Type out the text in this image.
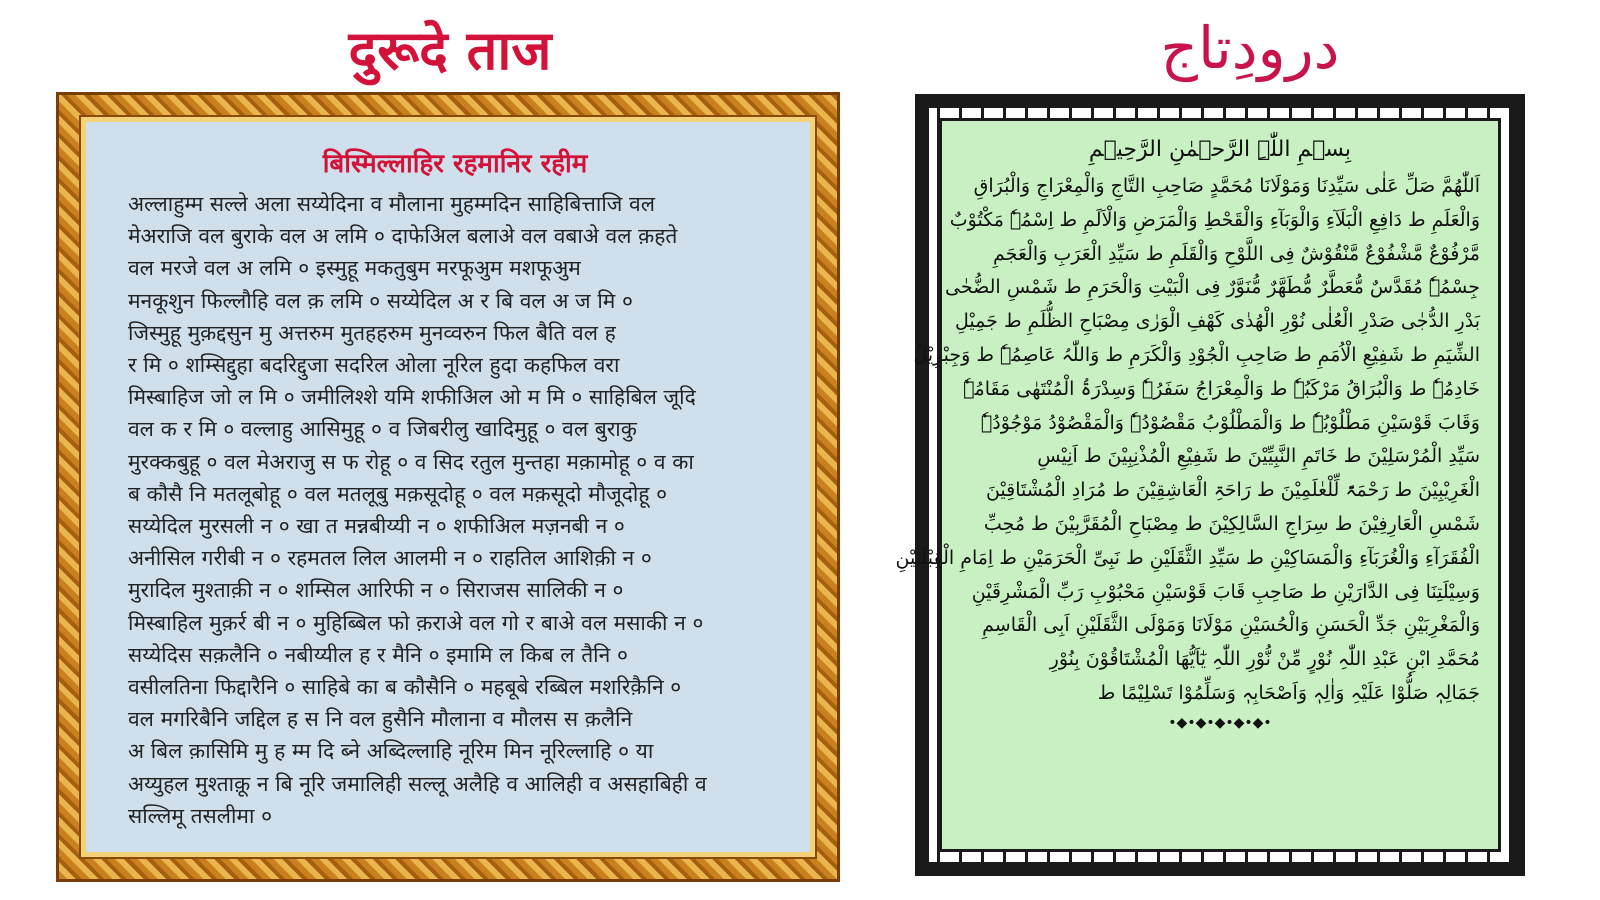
दुरूदे ताज	درودِتاج
बिस्मिल्लाहिर रहमानिर रहीम
अल्लाहुम्म सल्ले अला सय्येदिना व मौलाना मुहम्मदिन साहिबित्ताजि वल
मेअराजि वल बुराके वल अ लमि ० दाफेअिल बलाअे वल वबाअे वल क़हते
वल मरजे वल अ लमि ० इस्मुहू मकतुबुम मरफूअुम मशफूअुम
मनकूशुन फिल्लौहि वल क़ लमि ० सय्येदिल अ र बि वल अ ज मि ०
जिस्मुहू मुक़द्दसुन मु अत्तरुम मुतहहरुम मुनव्वरुन फिल बैति वल ह
र मि ० शम्सिद्दुहा बदरिद्दुजा सदरिल ओला नूरिल हुदा कहफिल वरा
मिस्बाहिज जो ल मि ० जमीलिश्शे यमि शफीअिल ओ म मि ० साहिबिल जूदि
वल क र मि ० वल्लाहु आसिमुहू ० व जिबरीलु खादिमुहू ० वल बुराकु
मुरक्कबुहू ० वल मेअराजु स फ रोहू ० व सिद रतुल मुन्तहा मक़ामोहू ० व का
ब कौसै नि मतलूबोहू ० वल मतलूबु मक़सूदोहू ० वल मक़सूदो मौजूदोहू ०
सय्येदिल मुरसली न ० खा त मन्नबीय्यी न ० शफीअिल मज़नबी न ०
अनीसिल गरीबी न ० रहमतल लिल आलमी न ० राहतिल आशिक़ी न ०
मुरादिल मुश्ताक़ी न ० शम्सिल आरिफी न ० सिराजस सालिकी न ०
मिस्बाहिल मुक़र्र बी न ० मुहिब्बिल फो क़राअे वल गो र बाअे वल मसाकी न ०
सय्येदिस सक़लैनि ० नबीय्यील ह र मैनि ० इमामि ल किब ल तैनि ०
वसीलतिना फिद्दारैनि ० साहिबे का ब कौसैनि ० महबूबे रब्बिल मशरिक़ैनि ०
वल मगरिबैनि जद्दिल ह स नि वल हुसैनि मौलाना व मौलस स क़लैनि
अ बिल क़ासिमि मु ह म्म दि ब्ने अब्दिल्लाहि नूरिम मिन नूरिल्लाहि ० या
अय्युहल मुश्ताक़ू न बि नूरि जमालिही सल्लू अलैहि व आलिही व असहाबिही व
सल्लिमू तसलीमा ०
بِسۡمِ اللّٰہِ الرَّحۡمٰنِ الرَّحِیۡمِ
اَللّٰھُمَّ صَلِّ عَلٰی سَیِّدِنَا وَمَوْلَانَا مُحَمَّدٍ صَاحِبِ التَّاجِ وَالْمِعْرَاجِ وَالْبُرَاقِ
وَالْعَلَمِ ط دَافِعِ الْبَلَآءِ وَالْوَبَآءِ وَالْقَحْطِ وَالْمَرَضِ وَالْاَلَمِ ط اِسْمُہٗ مَکْتُوْبٌ
مَّرْفُوْعٌ مَّشْفُوْعٌ مَّنْقُوْشٌ فِی اللَّوْحِ وَالْقَلَمِ ط سَیِّدِ الْعَرَبِ وَالْعَجَمِ
جِسْمُہٗ مُقَدَّسٌ مُّعَطَّرٌ مُّطَھَّرٌ مُّنَوَّرٌ فِی الْبَیْتِ وَالْحَرَمِ ط شَمْسِ الضُّحٰی
بَدْرِ الدُّجٰی صَدْرِ الْعُلٰی نُوْرِ الْھُدٰی کَھْفِ الْوَرٰی مِصْبَاحِ الظُّلَمِ ط جَمِیْلِ
الشِّیَمِ ط شَفِیْعِ الْاُمَمِ ط صَاحِبِ الْجُوْدِ وَالْکَرَمِ ط وَاللّٰہُ عَاصِمُہٗ ط وَجِبْرِیْلُ
خَادِمُہٗ ط وَالْبُرَاقُ مَرْکَبُہٗ ط وَالْمِعْرَاجُ سَفَرُہٗ وَسِدْرَۃُ الْمُنْتَھٰی مَقَامُہٗ
وَقَابَ قَوْسَیْنِ مَطْلُوْبُہٗ ط وَالْمَطْلُوْبُ مَقْصُوْدُہٗ وَالْمَقْصُوْدُ مَوْجُوْدُہٗ
سَیِّدِ الْمُرْسَلِیْنَ ط خَاتَمِ النَّبِیِّیْنَ ط شَفِیْعِ الْمُذْنِبِیْنَ ط اَنِیْسِ
الْغَرِیْبِیْنَ ط رَحْمَۃً لِّلْعٰلَمِیْنَ ط رَاحَۃِ الْعَاشِقِیْنَ ط مُرَادِ الْمُشْتَاقِیْنَ
شَمْسِ الْعَارِفِیْنَ ط سِرَاجِ السَّالِکِیْنَ ط مِصْبَاحِ الْمُقَرَّبِیْنَ ط مُحِبِّ
الْفُقَرَآءِ وَالْغُرَبَآءِ وَالْمَسَاکِیْنِ ط سَیِّدِ الثَّقَلَیْنِ ط نَبِیِّ الْحَرَمَیْنِ ط اِمَامِ الْقِبْلَتَیْنِ
وَسِیْلَتِنَا فِی الدَّارَیْنِ ط صَاحِبِ قَابَ قَوْسَیْنِ مَحْبُوْبِ رَبِّ الْمَشْرِقَیْنِ
وَالْمَغْرِبَیْنِ جَدِّ الْحَسَنِ وَالْحُسَیْنِ مَوْلَانَا وَمَوْلَی الثَّقَلَیْنِ اَبِی الْقَاسِمِ
مُحَمَّدِ ابْنِ عَبْدِ اللّٰہِ نُوْرٍ مِّنْ نُّوْرِ اللّٰہِ یٰٓاَیُّھَا الْمُشْتَاقُوْنَ بِنُوْرِ
جَمَالِہٖ صَلُّوْا عَلَیْہِ وَاٰلِہٖ وَاَصْحَابِہٖ وَسَلِّمُوْا تَسْلِیْمًا ط
•◆•◆•◆•◆•◆•
